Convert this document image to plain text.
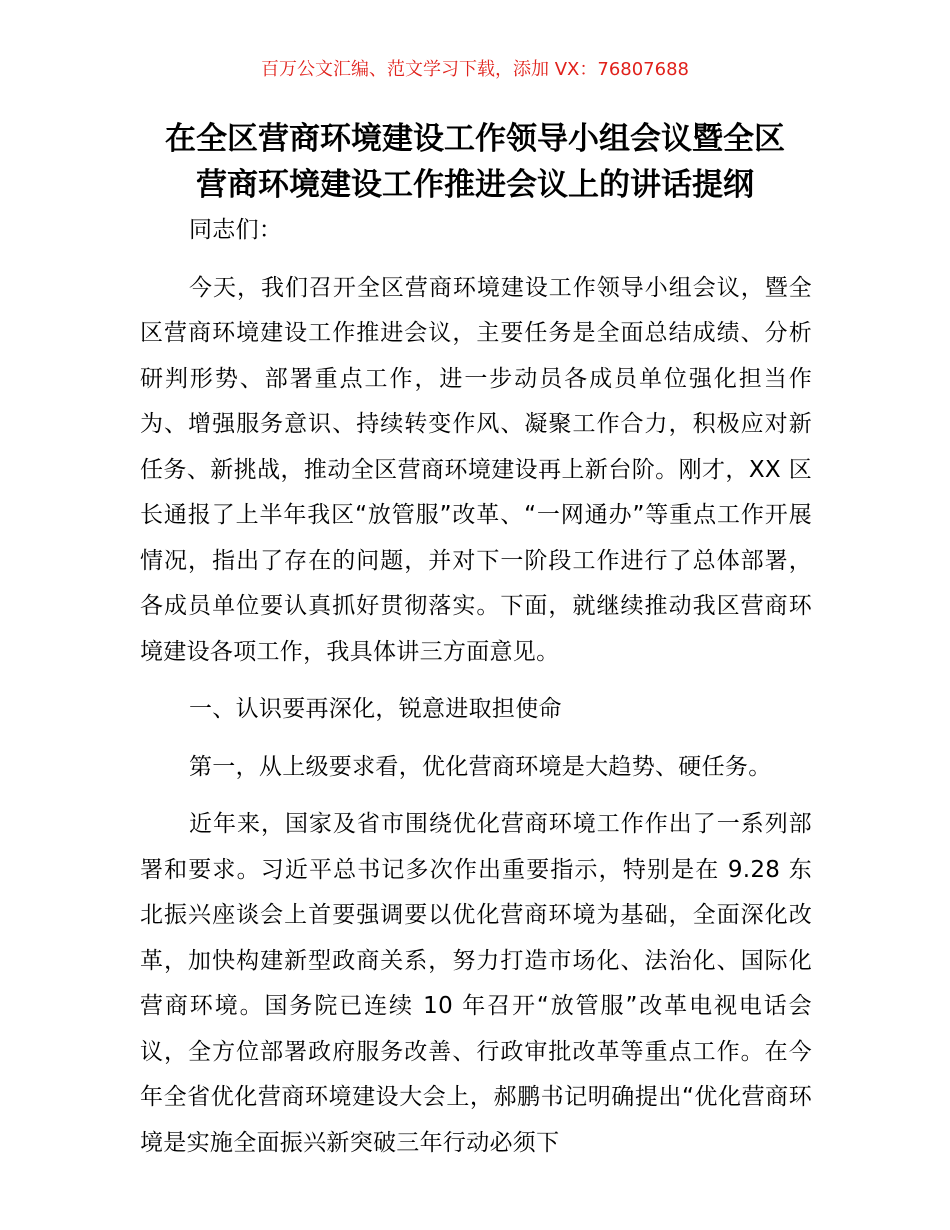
百万公文汇编、范文学习下载，添加 VX：76807688
在全区营商环境建设工作领导小组会议暨全区
营商环境建设工作推进会议上的讲话提纲

同志们：

今天，我们召开全区营商环境建设工作领导小组会议，暨全区营商环境建设工作推进会议，主要任务是全面总结成绩、分析研判形势、部署重点工作，进一步动员各成员单位强化担当作为、增强服务意识、持续转变作风、凝聚工作合力，积极应对新任务、新挑战，推动全区营商环境建设再上新台阶。刚才，XX 区长通报了上半年我区“放管服”改革、“一网通办”等重点工作开展情况，指出了存在的问题，并对下一阶段工作进行了总体部署，各成员单位要认真抓好贯彻落实。下面，就继续推动我区营商环境建设各项工作，我具体讲三方面意见。

一、认识要再深化，锐意进取担使命

第一，从上级要求看，优化营商环境是大趋势、硬任务。

近年来，国家及省市围绕优化营商环境工作作出了一系列部署和要求。习近平总书记多次作出重要指示，特别是在 9.28 东北振兴座谈会上首要强调要以优化营商环境为基础，全面深化改革，加快构建新型政商关系，努力打造市场化、法治化、国际化营商环境。国务院已连续 10 年召开“放管服”改革电视电话会议，全方位部署政府服务改善、行政审批改革等重点工作。在今年全省优化营商环境建设大会上，郝鹏书记明确提出“优化营商环境是实施全面振兴新突破三年行动必须下
